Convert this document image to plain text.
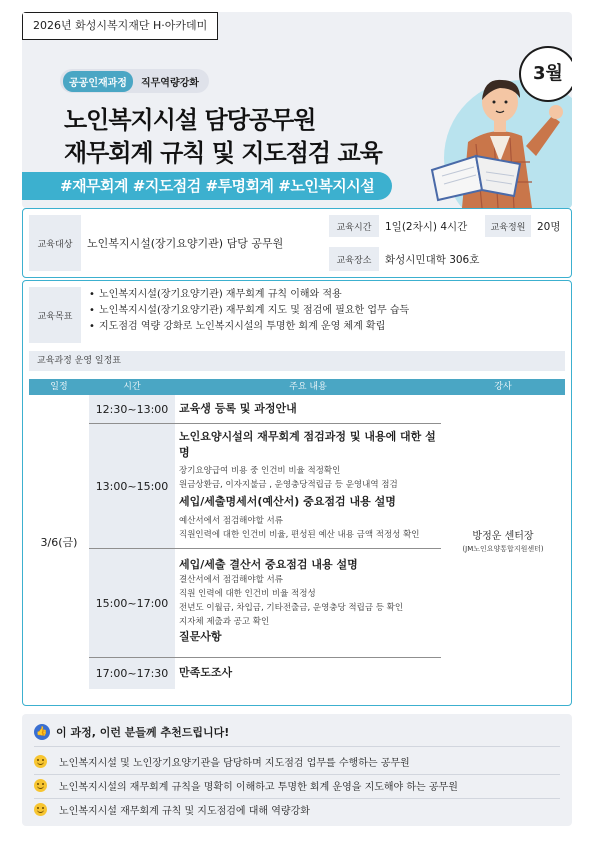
2026년 화성시복지재단 H·아카데미
공공인재과정	직무역량강화
노인복지시설 담당공무원
재무회계 규칙 및 지도점검 교육
#재무회계 #지도점검 #투명회계 #노인복지시설
3월
교육대상	노인복지시설(장기요양기관) 담당 공무원
교육시간	1일(2차시) 4시간	교육정원	20명
교육장소	화성시민대학 306호
교육목표
• 노인복지시설(장기요양기관) 재무회계 규칙 이해와 적용
• 노인복지시설(장기요양기관) 재무회계 지도 및 점검에 필요한 업무 습득
• 지도점검 역량 강화로 노인복지시설의 투명한 회계 운영 체계 확립
교육과정 운영 일정표
일정	시간	주요 내용	강사
3/6(금)
12:30~13:00 교육생 등록 및 과정안내
13:00~15:00
노인요양시설의 재무회계 점검과정 및 내용에 대한 설명
장기요양급여 비용 중 인건비 비율 적정확인
원금상환금, 이자지불금 , 운영충당적립금 등 운영내역 점검
세입/세출명세서(예산서) 중요점검 내용 설명
예산서에서 점검해야할 서류
직원인력에 대한 인건비 비율, 편성된 예산 내용 금액 적정성 확인
15:00~17:00
세입/세출 결산서 중요점검 내용 설명
결산서에서 점검해야할 서류
직원 인력에 대한 인건비 비율 적정성
전년도 이월금, 차입금, 기타전출금, 운영충당 적립금 등 확인
지자체 제출과 공고 확인
질문사항
17:00~17:30 만족도조사
방정운 센터장
(JM노인요양통합지원센터)
👍 이 과정, 이런 분들께 추천드립니다!
노인복지시설 및 노인장기요양기관을 담당하며 지도점검 업무를 수행하는 공무원
노인복지시설의 재무회계 규칙을 명확히 이해하고 투명한 회계 운영을 지도해야 하는 공무원
노인복지시설 재무회계 규칙 및 지도점검에 대해 역량강화
